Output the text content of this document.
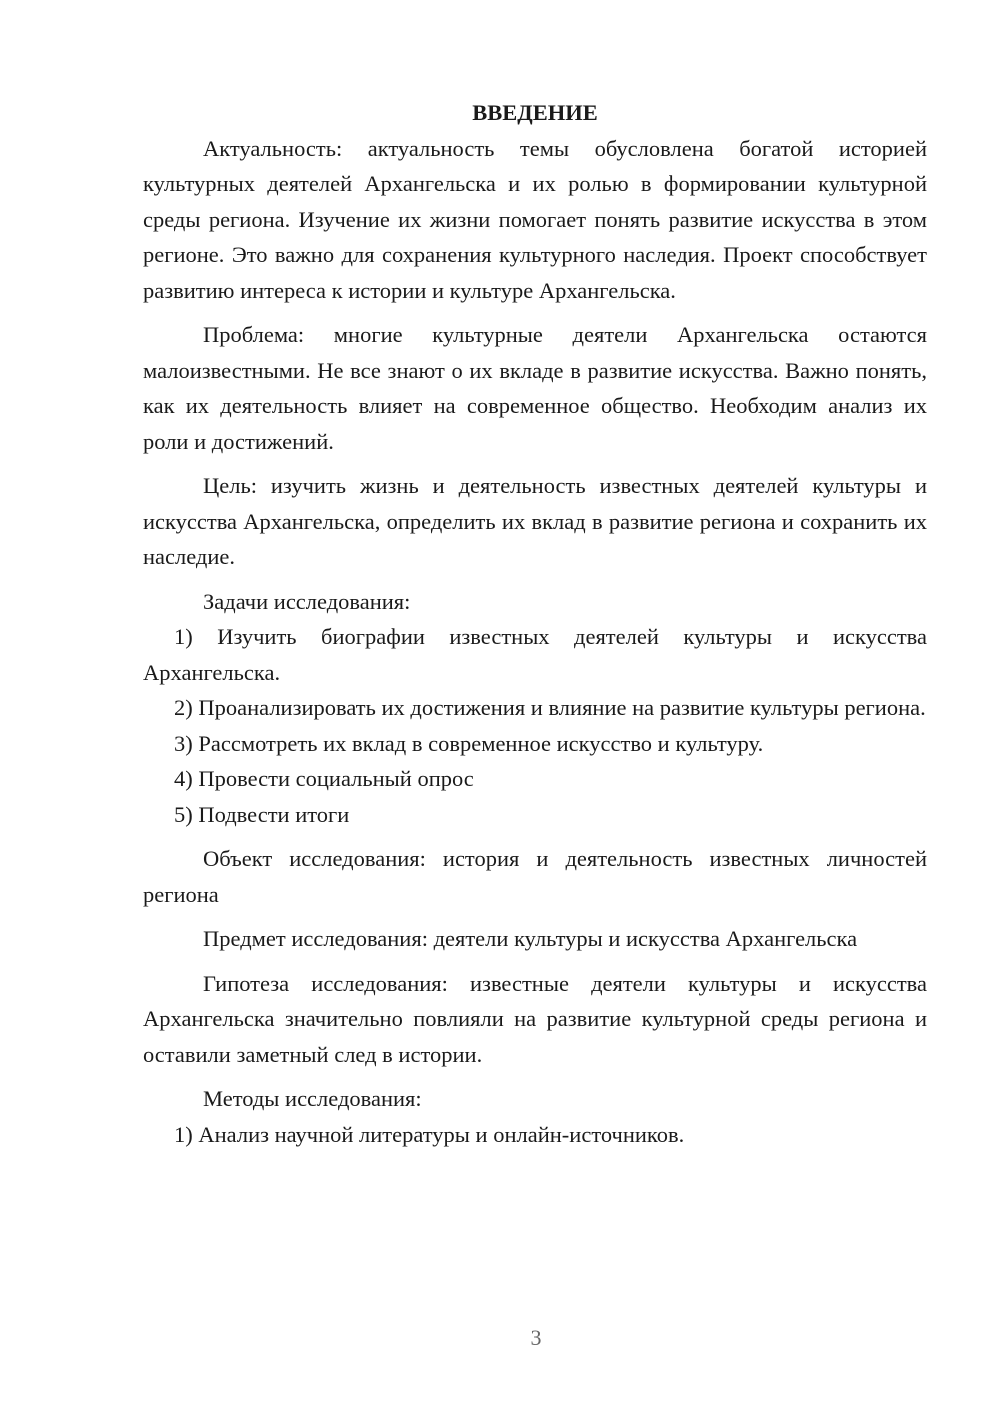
ВВЕДЕНИЕ

Актуальность: актуальность темы обусловлена богатой историей культурных деятелей Архангельска и их ролью в формировании культурной среды региона. Изучение их жизни помогает понять развитие искусства в этом регионе. Это важно для сохранения культурного наследия. Проект способствует развитию интереса к истории и культуре Архангельска.

Проблема: многие культурные деятели Архангельска остаются малоизвестными. Не все знают о их вкладе в развитие искусства. Важно понять, как их деятельность влияет на современное общество. Необходим анализ их роли и достижений.

Цель: изучить жизнь и деятельность известных деятелей культуры и искусства Архангельска, определить их вклад в развитие региона и сохранить их наследие.

Задачи исследования:

1) Изучить биографии известных деятелей культуры и искусства Архангельска.

2) Проанализировать их достижения и влияние на развитие культуры региона.

3) Рассмотреть их вклад в современное искусство и культуру.

4) Провести социальный опрос

5) Подвести итоги

Объект исследования: история и деятельность известных личностей региона

Предмет исследования: деятели культуры и искусства Архангельска

Гипотеза исследования: известные деятели культуры и искусства Архангельска значительно повлияли на развитие культурной среды региона и оставили заметный след в истории.

Методы исследования:

1) Анализ научной литературы и онлайн-источников.

3
